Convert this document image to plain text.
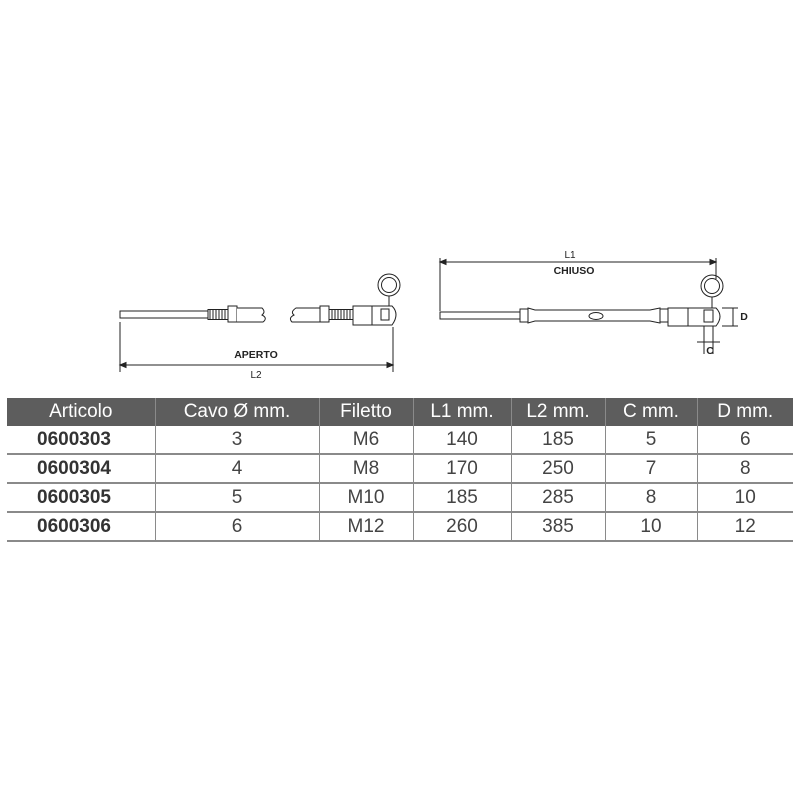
APERTO
L2
L1
CHIUSO
D
C
Articolo	Cavo Ø mm.	Filetto	L1 mm.	L2 mm.	C mm.	D mm.
0600303	3	M6	140	185	5	6
0600304	4	M8	170	250	7	8
0600305	5	M10	185	285	8	10
0600306	6	M12	260	385	10	12
